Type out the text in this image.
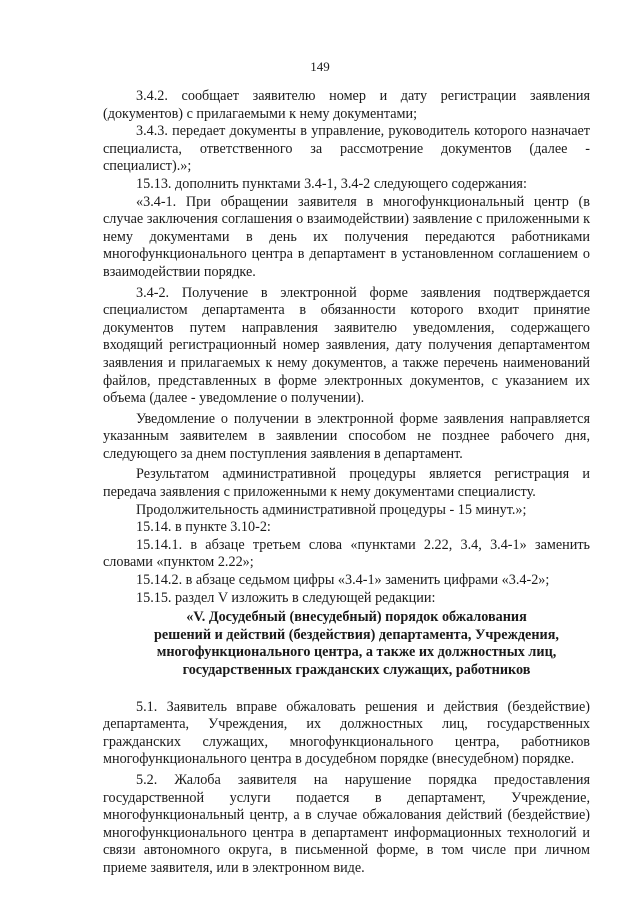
149

3.4.2. сообщает заявителю номер и дату регистрации заявления (документов) с прилагаемыми к нему документами;

3.4.3. передает документы в управление, руководитель которого назначает специалиста, ответственного за рассмотрение документов (далее - специалист).»;

15.13. дополнить пунктами 3.4-1, 3.4-2 следующего содержания:

«3.4-1. При обращении заявителя в многофункциональный центр (в случае заключения соглашения о взаимодействии) заявление с приложенными к нему документами в день их получения передаются работниками многофункционального центра в департамент в установленном соглашением о взаимодействии порядке.

3.4-2. Получение в электронной форме заявления подтверждается специалистом департамента в обязанности которого входит принятие документов путем направления заявителю уведомления, содержащего входящий регистрационный номер заявления, дату получения департаментом заявления и прилагаемых к нему документов, а также перечень наименований файлов, представленных в форме электронных документов, с указанием их объема (далее - уведомление о получении).

Уведомление о получении в электронной форме заявления направляется указанным заявителем в заявлении способом не позднее рабочего дня, следующего за днем поступления заявления в департамент.

Результатом административной процедуры является регистрация и передача заявления с приложенными к нему документами специалисту.

Продолжительность административной процедуры - 15 минут.»;

15.14. в пункте 3.10-2:

15.14.1. в абзаце третьем слова «пунктами 2.22, 3.4, 3.4-1» заменить словами «пунктом 2.22»;

15.14.2. в абзаце седьмом цифры «3.4-1» заменить цифрами «3.4-2»;

15.15. раздел V изложить в следующей редакции:

«V. Досудебный (внесудебный) порядок обжалования
решений и действий (бездействия) департамента, Учреждения,
многофункционального центра, а также их должностных лиц,
государственных гражданских служащих, работников

5.1. Заявитель вправе обжаловать решения и действия (бездействие) департамента, Учреждения, их должностных лиц, государственных гражданских служащих, многофункционального центра, работников многофункционального центра в досудебном порядке (внесудебном) порядке.

5.2. Жалоба заявителя на нарушение порядка предоставления государственной услуги подается в департамент, Учреждение, многофункциональный центр, а в случае обжалования действий (бездействие) многофункционального центра в департамент информационных технологий и связи автономного округа, в письменной форме, в том числе при личном приеме заявителя, или в электронном виде.
